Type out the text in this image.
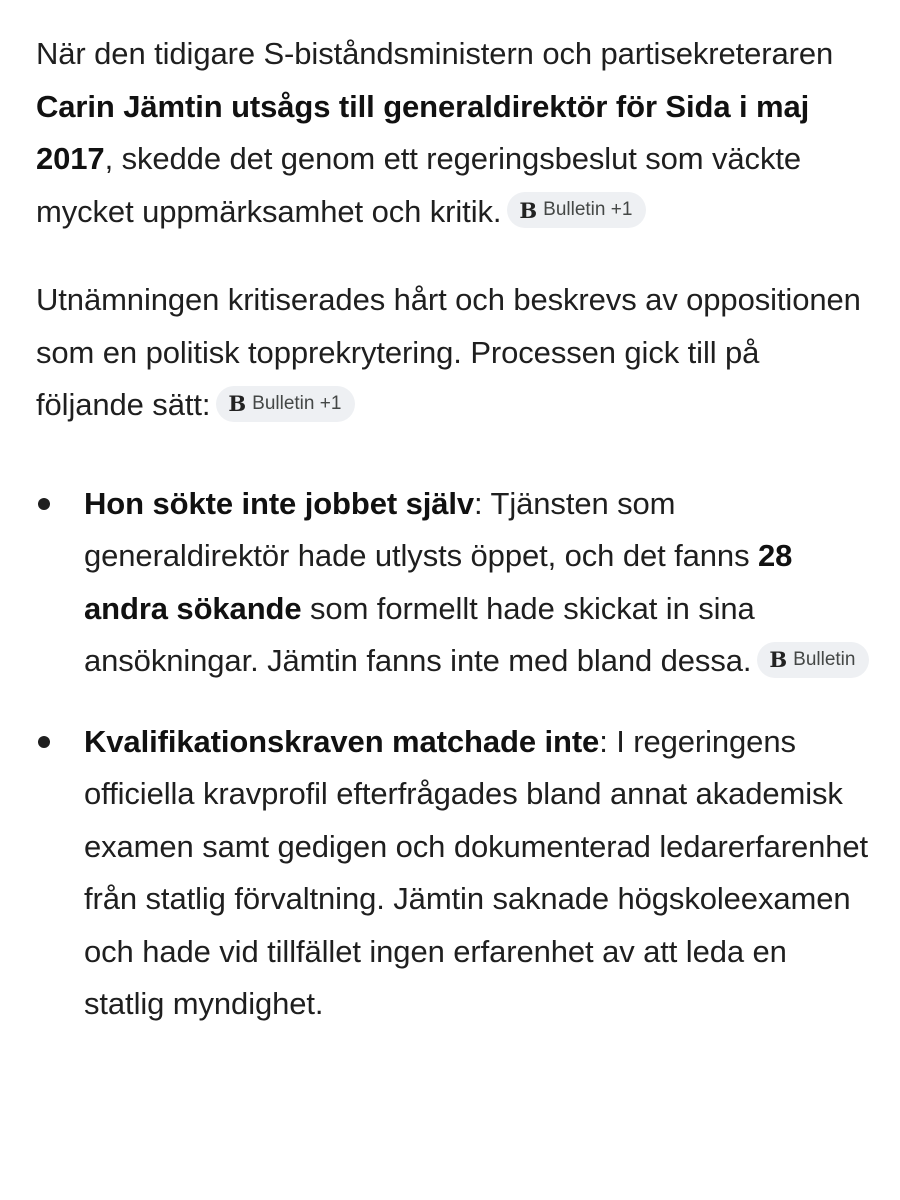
När den tidigare S-biståndsministern och partisekreteraren Carin Jämtin utsågs till generaldirektör för Sida i maj 2017, skedde det genom ett regeringsbeslut som väckte mycket uppmärksamhet och kritik. B Bulletin +1

Utnämningen kritiserades hårt och beskrevs av oppositionen som en politisk topprekrytering. Processen gick till på följande sätt: B Bulletin +1

Hon sökte inte jobbet själv: Tjänsten som generaldirektör hade utlysts öppet, och det fanns 28 andra sökande som formellt hade skickat in sina ansökningar. Jämtin fanns inte med bland dessa. B Bulletin
Kvalifikationskraven matchade inte: I regeringens officiella kravprofil efterfrågades bland annat akademisk examen samt gedigen och dokumenterad ledarerfarenhet från statlig förvaltning. Jämtin saknade högskoleexamen och hade vid tillfället ingen erfarenhet av att leda en statlig myndighet.
